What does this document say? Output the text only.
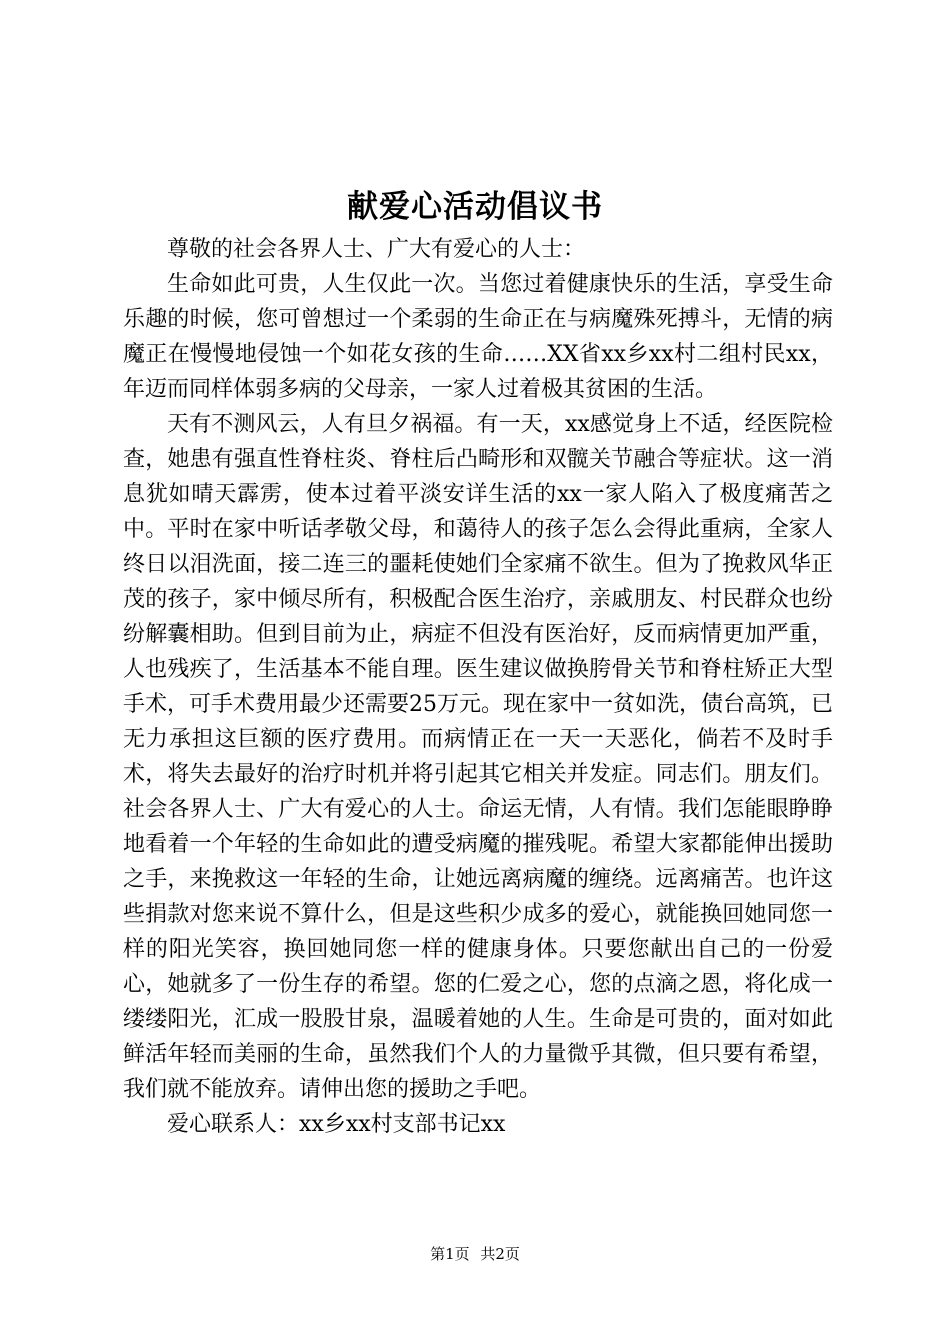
献爱心活动倡议书

尊敬的社会各界人士、广大有爱心的人士：

生命如此可贵，人生仅此一次。当您过着健康快乐的生活，享受生命乐趣的时候，您可曾想过一个柔弱的生命正在与病魔殊死搏斗，无情的病魔正在慢慢地侵蚀一个如花女孩的生命……XX省xx乡xx村二组村民xx，年迈而同样体弱多病的父母亲，一家人过着极其贫困的生活。

天有不测风云，人有旦夕祸福。有一天，xx感觉身上不适，经医院检查，她患有强直性脊柱炎、脊柱后凸畸形和双髋关节融合等症状。这一消息犹如晴天霹雳，使本过着平淡安详生活的xx一家人陷入了极度痛苦之中。平时在家中听话孝敬父母，和蔼待人的孩子怎么会得此重病，全家人终日以泪洗面，接二连三的噩耗使她们全家痛不欲生。但为了挽救风华正茂的孩子，家中倾尽所有，积极配合医生治疗，亲戚朋友、村民群众也纷纷解囊相助。但到目前为止，病症不但没有医治好，反而病情更加严重，人也残疾了，生活基本不能自理。医生建议做换胯骨关节和脊柱矫正大型手术，可手术费用最少还需要25万元。现在家中一贫如洗，债台高筑，已无力承担这巨额的医疗费用。而病情正在一天一天恶化，倘若不及时手术，将失去最好的治疗时机并将引起其它相关并发症。同志们。朋友们。社会各界人士、广大有爱心的人士。命运无情，人有情。我们怎能眼睁睁地看着一个年轻的生命如此的遭受病魔的摧残呢。希望大家都能伸出援助之手，来挽救这一年轻的生命，让她远离病魔的缠绕。远离痛苦。也许这些捐款对您来说不算什么，但是这些积少成多的爱心，就能换回她同您一样的阳光笑容，换回她同您一样的健康身体。只要您献出自己的一份爱心，她就多了一份生存的希望。您的仁爱之心，您的点滴之恩，将化成一缕缕阳光，汇成一股股甘泉，温暖着她的人生。生命是可贵的，面对如此鲜活年轻而美丽的生命，虽然我们个人的力量微乎其微，但只要有希望，我们就不能放弃。请伸出您的援助之手吧。

爱心联系人：xx乡xx村支部书记xx

第1页 共2页
